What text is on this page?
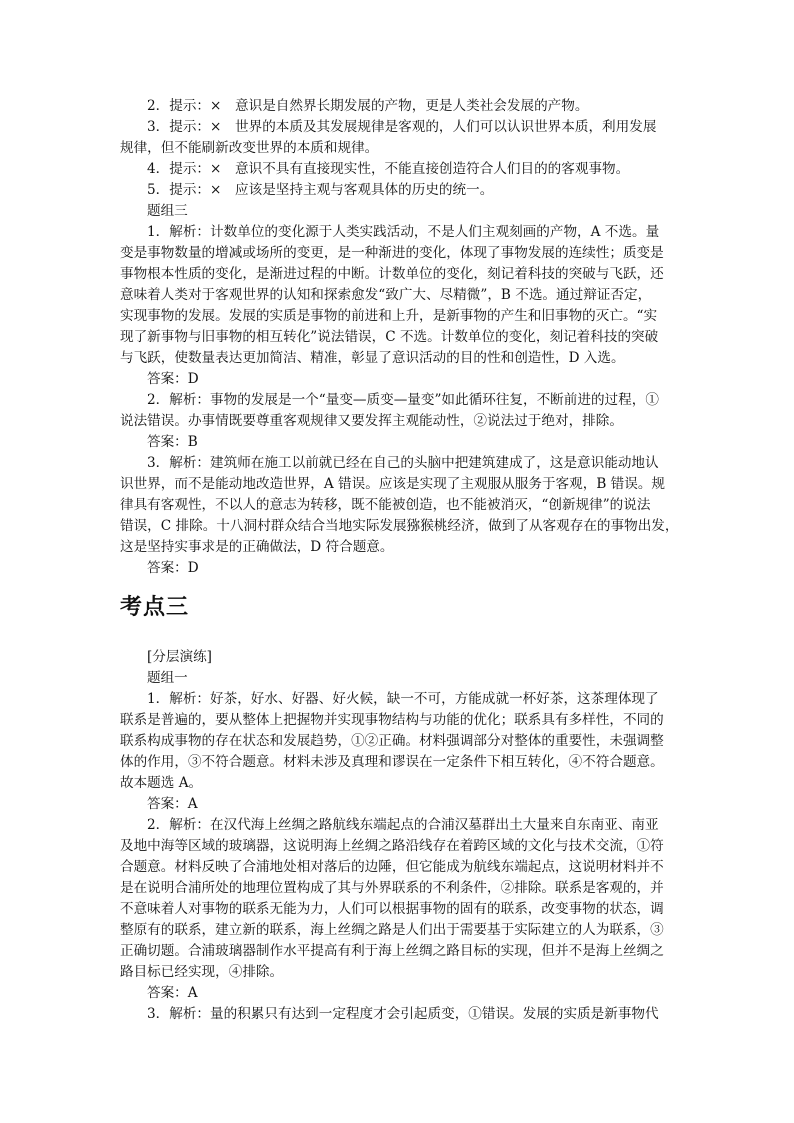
2．提示：×　意识是自然界长期发展的产物，更是人类社会发展的产物。
3．提示：×　世界的本质及其发展规律是客观的，人们可以认识世界本质，利用发展
规律，但不能刷新改变世界的本质和规律。
4．提示：×　意识不具有直接现实性，不能直接创造符合人们目的的客观事物。
5．提示：×　应该是坚持主观与客观具体的历史的统一。
题组三
1．解析：计数单位的变化源于人类实践活动，不是人们主观刻画的产物，A 不选。量
变是事物数量的增减或场所的变更，是一种渐进的变化，体现了事物发展的连续性；质变是
事物根本性质的变化，是渐进过程的中断。计数单位的变化，刻记着科技的突破与飞跃，还
意味着人类对于客观世界的认知和探索愈发“致广大、尽精微”，B 不选。通过辩证否定，
实现事物的发展。发展的实质是事物的前进和上升，是新事物的产生和旧事物的灭亡。“实
现了新事物与旧事物的相互转化”说法错误，C 不选。计数单位的变化，刻记着科技的突破
与飞跃，使数量表达更加简洁、精准，彰显了意识活动的目的性和创造性，D 入选。
答案：D
2．解析：事物的发展是一个“量变—质变—量变”如此循环往复，不断前进的过程，①
说法错误。办事情既要尊重客观规律又要发挥主观能动性，②说法过于绝对，排除。
答案：B
3．解析：建筑师在施工以前就已经在自己的头脑中把建筑建成了，这是意识能动地认
识世界，而不是能动地改造世界，A 错误。应该是实现了主观服从服务于客观，B 错误。规
律具有客观性，不以人的意志为转移，既不能被创造，也不能被消灭，“创新规律”的说法
错误，C 排除。十八洞村群众结合当地实际发展猕猴桃经济，做到了从客观存在的事物出发，
这是坚持实事求是的正确做法，D 符合题意。
答案：D
考点三
[分层演练]
题组一
1．解析：好茶，好水、好器、好火候，缺一不可，方能成就一杯好茶，这茶理体现了
联系是普遍的，要从整体上把握物并实现事物结构与功能的优化；联系具有多样性，不同的
联系构成事物的存在状态和发展趋势，①②正确。材料强调部分对整体的重要性，未强调整
体的作用，③不符合题意。材料未涉及真理和谬误在一定条件下相互转化，④不符合题意。
故本题选 A。
答案：A
2．解析：在汉代海上丝绸之路航线东端起点的合浦汉墓群出土大量来自东南亚、南亚
及地中海等区域的玻璃器，这说明海上丝绸之路沿线存在着跨区域的文化与技术交流，①符
合题意。材料反映了合浦地处相对落后的边陲，但它能成为航线东端起点，这说明材料并不
是在说明合浦所处的地理位置构成了其与外界联系的不利条件，②排除。联系是客观的，并
不意味着人对事物的联系无能为力，人们可以根据事物的固有的联系，改变事物的状态，调
整原有的联系，建立新的联系，海上丝绸之路是人们出于需要基于实际建立的人为联系，③
正确切题。合浦玻璃器制作水平提高有利于海上丝绸之路目标的实现，但并不是海上丝绸之
路目标已经实现，④排除。
答案：A
3．解析：量的积累只有达到一定程度才会引起质变，①错误。发展的实质是新事物代
